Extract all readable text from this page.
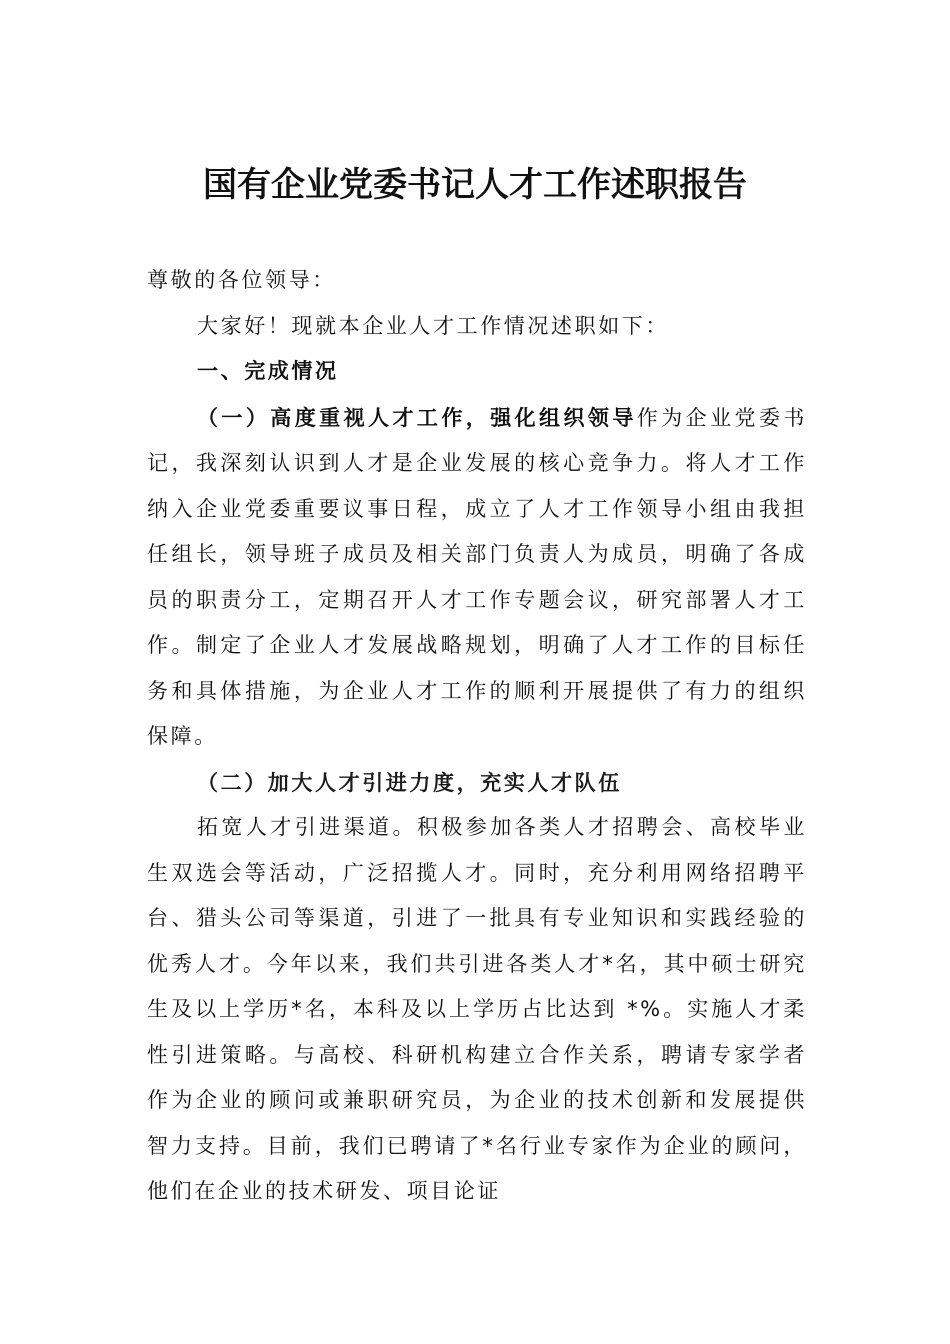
国有企业党委书记人才工作述职报告

尊敬的各位领导：

大家好！现就本企业人才工作情况述职如下：

一、完成情况

（一）高度重视人才工作，强化组织领导作为企业党委书记，我深刻认识到人才是企业发展的核心竞争力。将人才工作纳入企业党委重要议事日程，成立了人才工作领导小组由我担任组长，领导班子成员及相关部门负责人为成员，明确了各成员的职责分工，定期召开人才工作专题会议，研究部署人才工作。制定了企业人才发展战略规划，明确了人才工作的目标任务和具体措施，为企业人才工作的顺利开展提供了有力的组织保障。

（二）加大人才引进力度，充实人才队伍

拓宽人才引进渠道。积极参加各类人才招聘会、高校毕业生双选会等活动，广泛招揽人才。同时，充分利用网络招聘平台、猎头公司等渠道，引进了一批具有专业知识和实践经验的优秀人才。今年以来，我们共引进各类人才*名，其中硕士研究生及以上学历*名，本科及以上学历占比达到 *%。实施人才柔性引进策略。与高校、科研机构建立合作关系，聘请专家学者作为企业的顾问或兼职研究员，为企业的技术创新和发展提供智力支持。目前，我们已聘请了*名行业专家作为企业的顾问，他们在企业的技术研发、项目论证
